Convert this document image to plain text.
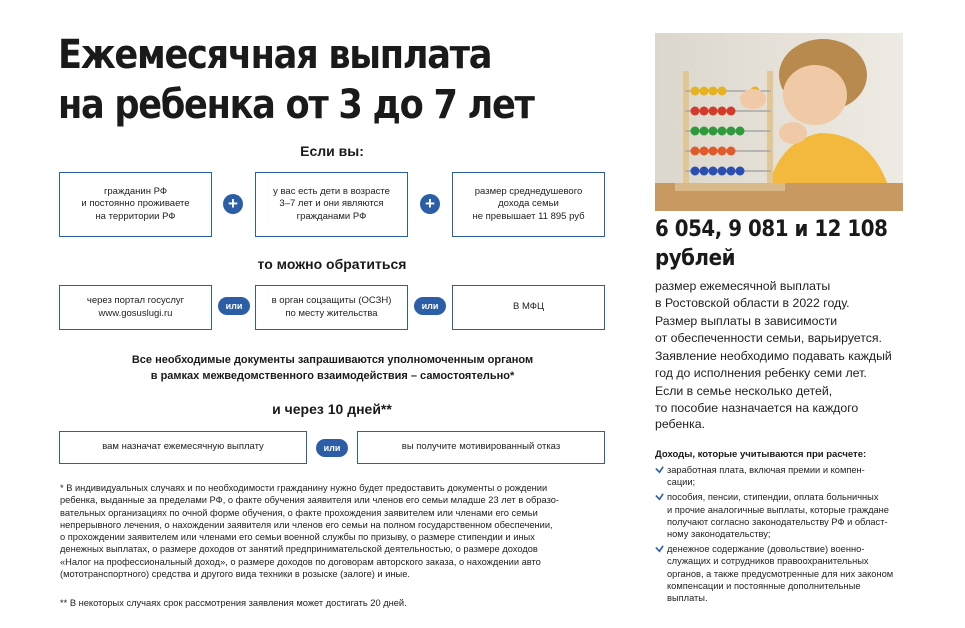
Ежемесячная выплата
на ребенка от 3 до 7 лет
Если вы:
гражданин РФ
и постоянно проживаете
на территории РФ
+
у вас есть дети в возрасте
3–7 лет и они являются
гражданами РФ
+
размер среднедушевого
дохода семьи
не превышает 11 895 руб
то можно обратиться
через портал госуслуг
www.gosuslugi.ru
или	в орган соцзащиты (ОСЗН)
по месту жительства
или	В МФЦ
Все необходимые документы запрашиваются уполномоченным органом
в рамках межведомственного взаимодействия – самостоятельно*
и через 10 дней**
вам назначат ежемесячную выплату	или	вы получите мотивированный отказ
* В индивидуальных случаях и по необходимости гражданину нужно будет предоставить документы о рождении
ребенка, выданные за пределами РФ, о факте обучения заявителя или членов его семьи младше 23 лет в образо-
вательных организациях по очной форме обучения, о факте прохождения заявителем или членами его семьи
непрерывного лечения, о нахождении заявителя или членов его семьи на полном государственном обеспечении,
о прохождении заявителем или членами его семьи военной службы по призыву, о размере стипендии и иных
денежных выплатах, о размере доходов от занятий предпринимательской деятельностью, о размере доходов
«Налог на профессиональный доход», о размере доходов по договорам авторского заказа, о нахождении авто
(мототранспортного) средства и другого вида техники в розыске (залоге) и иные.
** В некоторых случаях срок рассмотрения заявления может достигать 20 дней.
6 054, 9 081 и 12 108
рублей

размер ежемесячной выплаты
в Ростовской области в 2022 году.

Размер выплаты в зависимости
от обеспеченности семьи, варьируется.

Заявление необходимо подавать каждый
год до исполнения ребенку семи лет.

Если в семье несколько детей,
то пособие назначается на каждого
ребенка.

Доходы, которые учитываются при расчете:
заработная плата, включая премии и компен-
сации;
пособия, пенсии, стипендии, оплата больничных
и прочие аналогичные выплаты, которые граждане
получают согласно законодательству РФ и област-
ному законодательству;
денежное содержание (довольствие) военно-
служащих и сотрудников правоохранительных
органов, а также предусмотренные для них законом
компенсации и постоянные дополнительные
выплаты.
